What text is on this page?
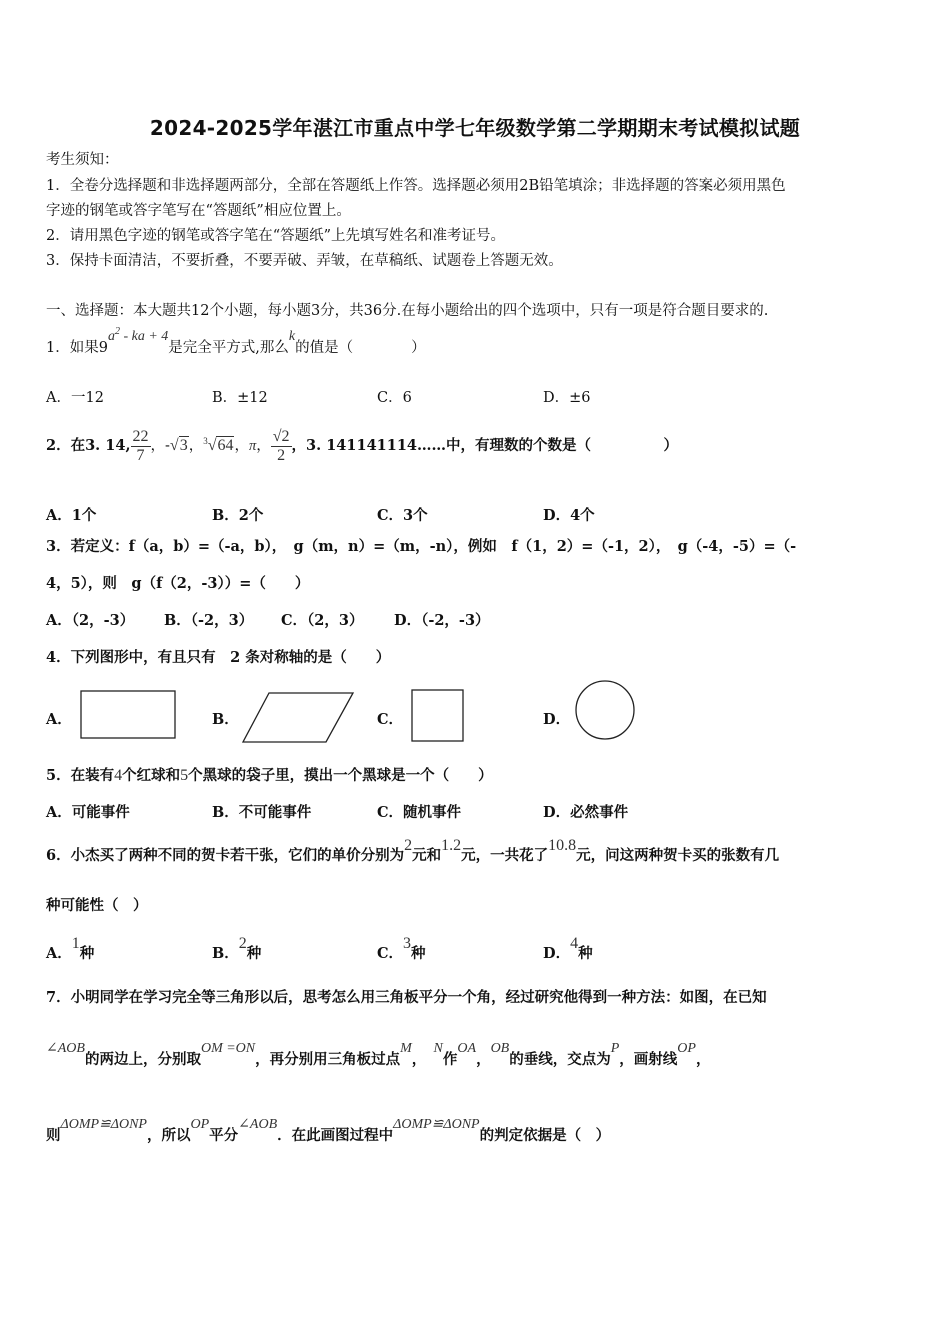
2024-2025学年湛江市重点中学七年级数学第二学期期末考试模拟试题
考生须知：
1．全卷分选择题和非选择题两部分，全部在答题纸上作答。选择题必须用2B铅笔填涂；非选择题的答案必须用黑色
字迹的钢笔或答字笔写在“答题纸”相应位置上。
2．请用黑色字迹的钢笔或答字笔在“答题纸”上先填写姓名和准考证号。
3．保持卡面清洁，不要折叠，不要弄破、弄皱，在草稿纸、试题卷上答题无效。
一、选择题：本大题共12个小题，每小题3分，共36分.在每小题给出的四个选项中，只有一项是符合题目要求的.
1．如果$9a^2$ - ka + 4是完全平方式,那么k的值是（　　　　）
A．一12	B．±12	C．6	D．±6
2．在3. 14, $\frac{22}{7}$ ，-√3，$^3$√64，π， $\frac{√2}{2}$ ，3. 141141114……中，有理数的个数是（　　　　　）
A．1个	B．2个	C．3个	D．4个
3．若定义：f（a，b）=（-a，b），　g（m，n）=（m，-n），例如　f（1，2）=（-1，2），　g（-4，-5）=（-
4，5），则　g（f（2，-3））=（　　）
A．（2，-3） B．（-2，3） C．（2，3） D．（-2，-3）
4．下列图形中，有且只有　2 条对称轴的是（　　）
A．	B．	C．	D．
5．在装有4个红球和5个黑球的袋子里，摸出一个黑球是一个（　　）
A．可能事件	B．不可能事件	C．随机事件	D．必然事件
6．小杰买了两种不同的贺卡若干张，它们的单价分别为2元和1.2元，一共花了10.8元，问这两种贺卡买的张数有几
种可能性（　）
A．1种	B．2种	C．3种	D．4种
7．小明同学在学习完全等三角形以后，思考怎么用三角板平分一个角，经过研究他得到一种方法：如图，在已知
∠AOB的两边上，分别取OM =ON，再分别用三角板过点M，　N作OA，OB的垂线，交点为P，画射线OP，
则ΔOMP≌ΔONP，所以OP平分∠AOB．在此画图过程中ΔOMP≌ΔONP的判定依据是（　）
